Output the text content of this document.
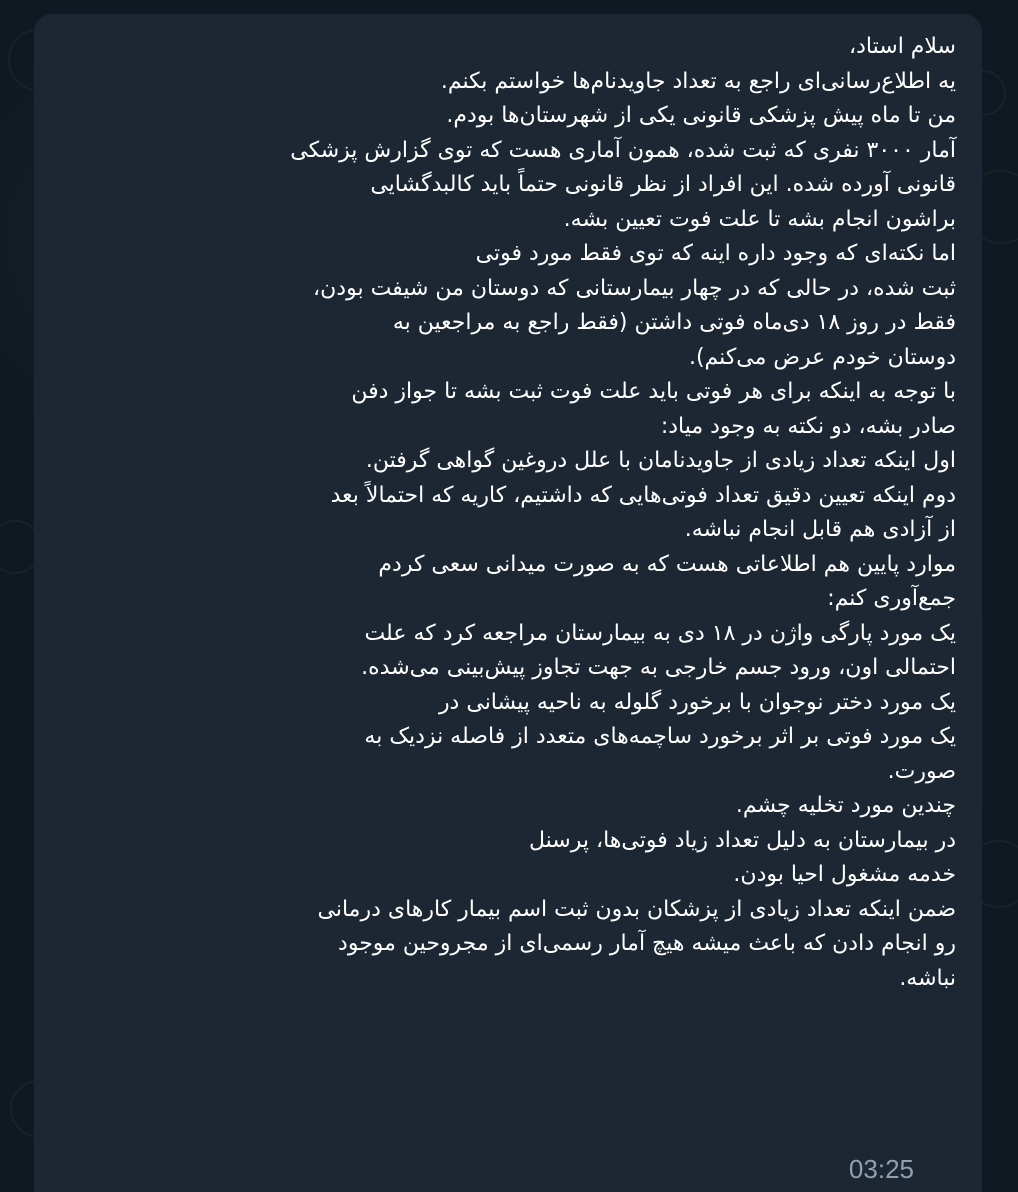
سلام استاد،
یه اطلاع‌رسانی‌ای راجع به تعداد جاویدنام‌ها خواستم بکنم.
من تا ماه پیش پزشکی قانونی یکی از شهرستان‌ها بودم.
آمار ۳۰۰۰ نفری که ثبت شده، همون آماری هست که توی گزارش پزشکی
قانونی آورده شده. این افراد از نظر قانونی حتماً باید کالبدگشایی
براشون انجام بشه تا علت فوت تعیین بشه.
اما نکته‌ای که وجود داره اینه که توی فقط مورد فوتی
ثبت شده، در حالی که در چهار بیمارستانی که دوستان من شیفت بودن،
فقط در روز ۱۸ دی‌ماه فوتی داشتن (فقط راجع به مراجعین به
دوستان خودم عرض می‌کنم).
با توجه به اینکه برای هر فوتی باید علت فوت ثبت بشه تا جواز دفن
صادر بشه، دو نکته به وجود میاد:
اول اینکه تعداد زیادی از جاویدنامان با علل دروغین گواهی گرفتن.
دوم اینکه تعیین دقیق تعداد فوتی‌هایی که داشتیم، کاریه که احتمالاً بعد
از آزادی هم قابل انجام نباشه.
موارد پایین هم اطلاعاتی هست که به صورت میدانی سعی کردم
جمع‌آوری کنم:
یک مورد پارگی واژن در ۱۸ دی به بیمارستان مراجعه کرد که علت
احتمالی اون، ورود جسم خارجی به جهت تجاوز پیش‌بینی می‌شده.
یک مورد دختر نوجوان با برخورد گلوله به ناحیه پیشانی در
یک مورد فوتی بر اثر برخورد ساچمه‌های متعدد از فاصله نزدیک به
صورت.
چندین مورد تخلیه چشم.
در بیمارستان به دلیل تعداد زیاد فوتی‌ها، پرسنل
خدمه مشغول احیا بودن.
ضمن اینکه تعداد زیادی از پزشکان بدون ثبت اسم بیمار کارهای درمانی
رو انجام دادن که باعث میشه هیچ آمار رسمی‌ای از مجروحین موجود
نباشه.
03:25
